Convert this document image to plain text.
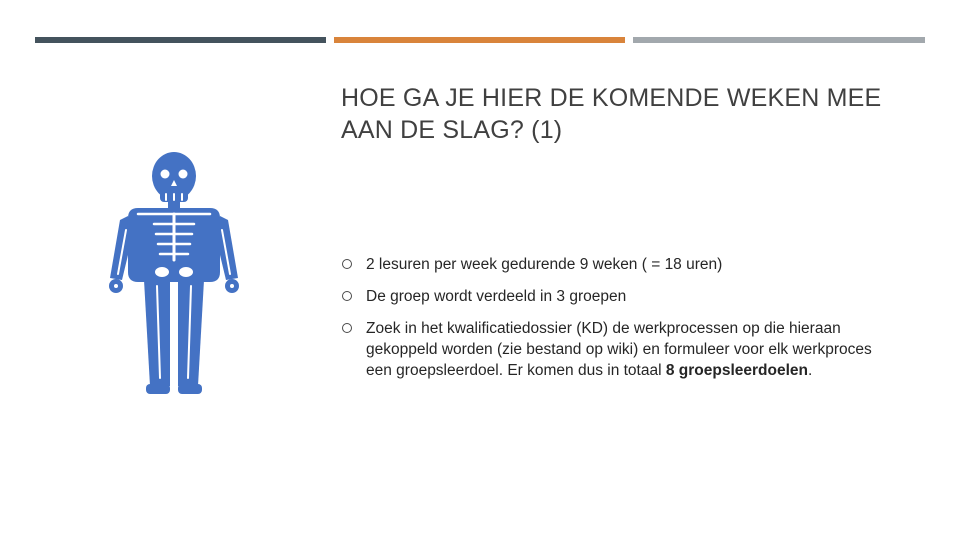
HOE GA JE HIER DE KOMENDE WEKEN MEE AAN DE SLAG? (1)
2 lesuren per week gedurende 9 weken ( = 18 uren)
De groep wordt verdeeld in 3 groepen
Zoek in het kwalificatiedossier (KD) de werkprocessen op die hieraan gekoppeld worden (zie bestand op wiki) en formuleer voor elk werkproces een groepsleerdoel. Er komen dus in totaal 8 groepsleerdoelen.
